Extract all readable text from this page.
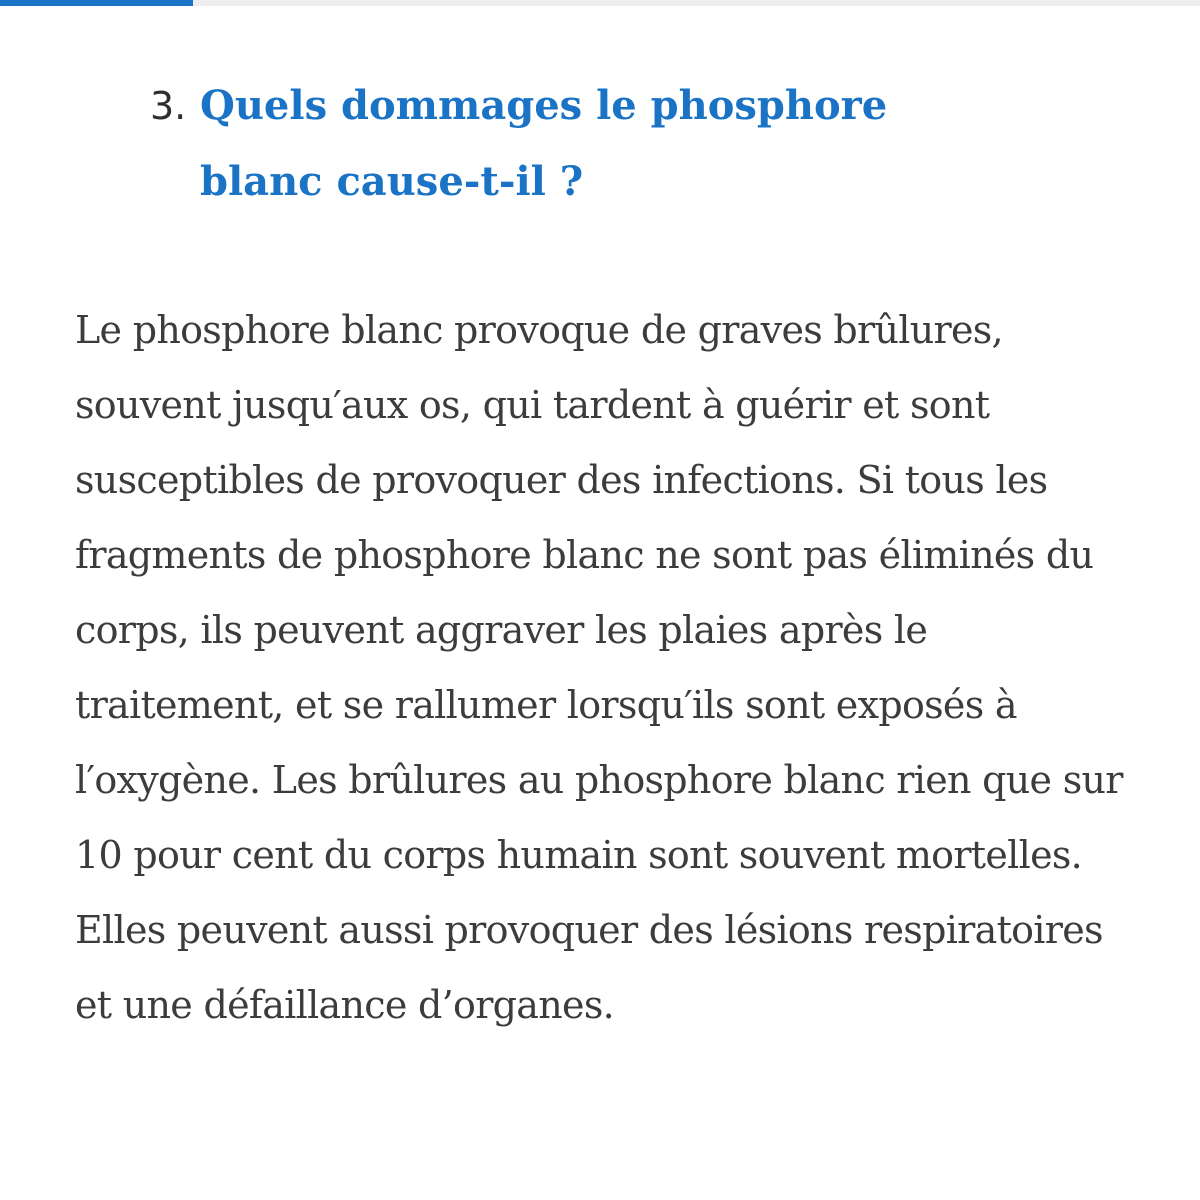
3. Quels dommages le phosphore blanc cause-t-il ?

Le phosphore blanc provoque de graves brûlures, souvent jusqu′aux os, qui tardent à guérir et sont susceptibles de provoquer des infections. Si tous les fragments de phosphore blanc ne sont pas éliminés du corps, ils peuvent aggraver les plaies après le traitement, et se rallumer lorsqu′ils sont exposés à l′oxygène. Les brûlures au phosphore blanc rien que sur 10 pour cent du corps humain sont souvent mortelles. Elles peuvent aussi provoquer des lésions respiratoires et une défaillance d’organes.
